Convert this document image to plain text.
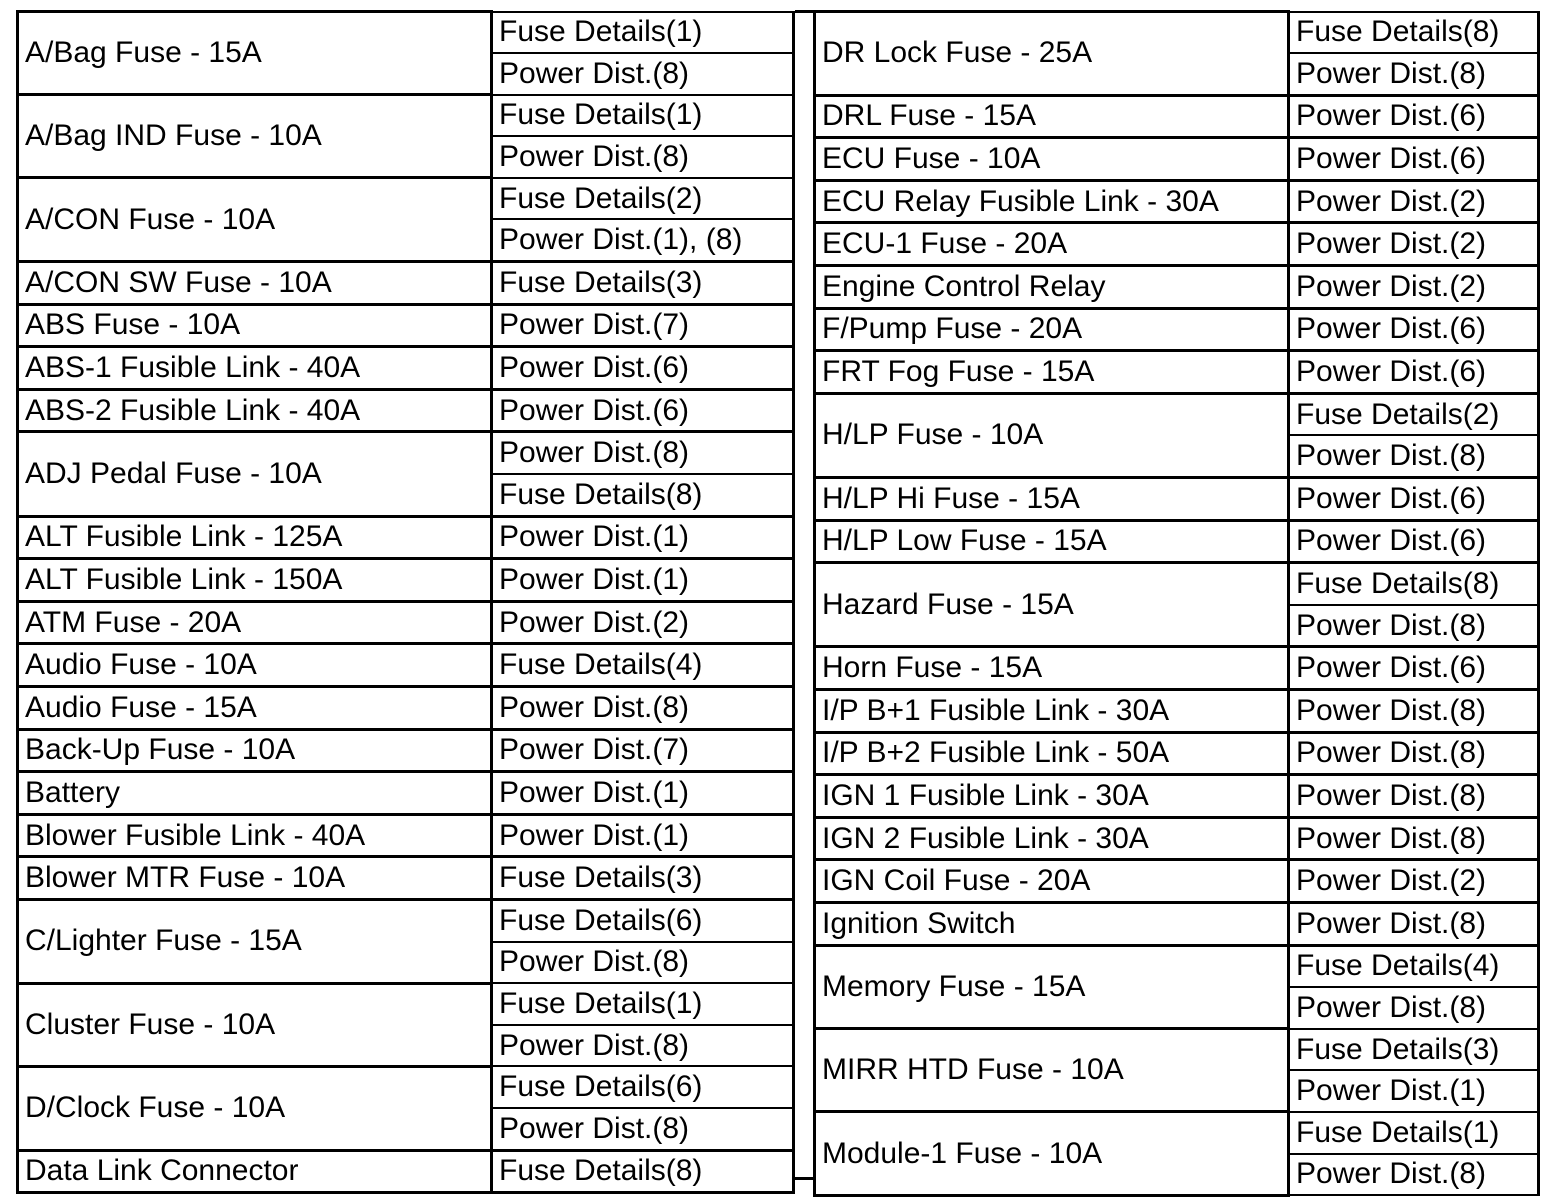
A/Bag Fuse - 15A	Fuse Details(1)
	Power Dist.(8)
A/Bag IND Fuse - 10A	Fuse Details(1)
	Power Dist.(8)
A/CON Fuse - 10A	Fuse Details(2)
	Power Dist.(1), (8)
A/CON SW Fuse - 10A	Fuse Details(3)
ABS Fuse - 10A	Power Dist.(7)
ABS-1 Fusible Link - 40A	Power Dist.(6)
ABS-2 Fusible Link - 40A	Power Dist.(6)
ADJ Pedal Fuse - 10A	Power Dist.(8)
	Fuse Details(8)
ALT Fusible Link - 125A	Power Dist.(1)
ALT Fusible Link - 150A	Power Dist.(1)
ATM Fuse - 20A	Power Dist.(2)
Audio Fuse - 10A	Fuse Details(4)
Audio Fuse - 15A	Power Dist.(8)
Back-Up Fuse - 10A	Power Dist.(7)
Battery	Power Dist.(1)
Blower Fusible Link - 40A	Power Dist.(1)
Blower MTR Fuse - 10A	Fuse Details(3)
C/Lighter Fuse - 15A	Fuse Details(6)
	Power Dist.(8)
Cluster Fuse - 10A	Fuse Details(1)
	Power Dist.(8)
D/Clock Fuse - 10A	Fuse Details(6)
	Power Dist.(8)
Data Link Connector	Fuse Details(8)
DR Lock Fuse - 25A	Fuse Details(8)
	Power Dist.(8)
DRL Fuse - 15A	Power Dist.(6)
ECU Fuse - 10A	Power Dist.(6)
ECU Relay Fusible Link - 30A	Power Dist.(2)
ECU-1 Fuse - 20A	Power Dist.(2)
Engine Control Relay	Power Dist.(2)
F/Pump Fuse - 20A	Power Dist.(6)
FRT Fog Fuse - 15A	Power Dist.(6)
H/LP Fuse - 10A	Fuse Details(2)
	Power Dist.(8)
H/LP Hi Fuse - 15A	Power Dist.(6)
H/LP Low Fuse - 15A	Power Dist.(6)
Hazard Fuse - 15A	Fuse Details(8)
	Power Dist.(8)
Horn Fuse - 15A	Power Dist.(6)
I/P B+1 Fusible Link - 30A	Power Dist.(8)
I/P B+2 Fusible Link - 50A	Power Dist.(8)
IGN 1 Fusible Link - 30A	Power Dist.(8)
IGN 2 Fusible Link - 30A	Power Dist.(8)
IGN Coil Fuse - 20A	Power Dist.(2)
Ignition Switch	Power Dist.(8)
Memory Fuse - 15A	Fuse Details(4)
	Power Dist.(8)
MIRR HTD Fuse - 10A	Fuse Details(3)
	Power Dist.(1)
Module-1 Fuse - 10A	Fuse Details(1)
	Power Dist.(8)
